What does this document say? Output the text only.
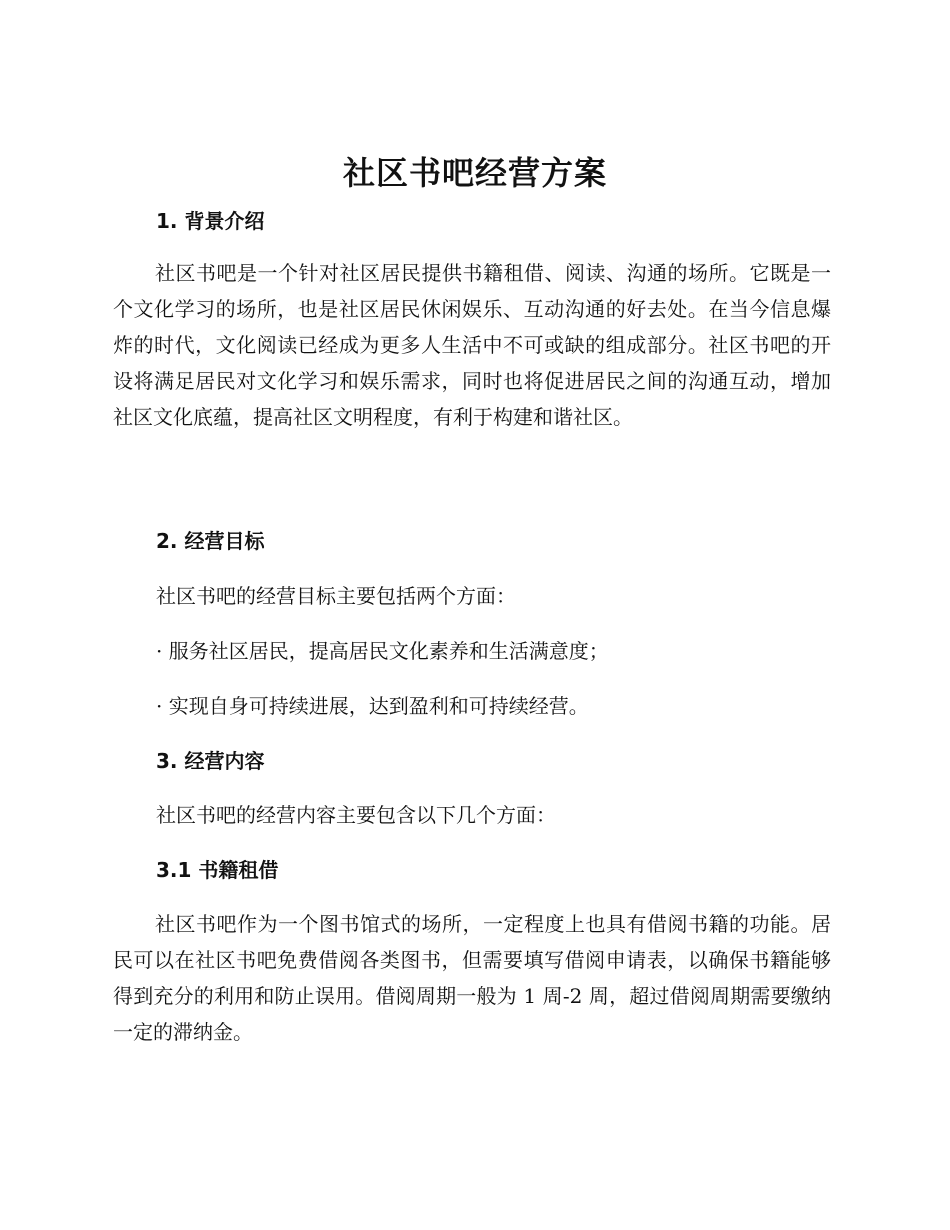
社区书吧经营方案
1. 背景介绍

社区书吧是一个针对社区居民提供书籍租借、阅读、沟通的场所。它既是一个文化学习的场所，也是社区居民休闲娱乐、互动沟通的好去处。在当今信息爆炸的时代，文化阅读已经成为更多人生活中不可或缺的组成部分。社区书吧的开设将满足居民对文化学习和娱乐需求，同时也将促进居民之间的沟通互动，增加社区文化底蕴，提高社区文明程度，有利于构建和谐社区。

2. 经营目标

社区书吧的经营目标主要包括两个方面：

· 服务社区居民，提高居民文化素养和生活满意度；

· 实现自身可持续进展，达到盈利和可持续经营。

3. 经营内容

社区书吧的经营内容主要包含以下几个方面：

3.1 书籍租借

社区书吧作为一个图书馆式的场所，一定程度上也具有借阅书籍的功能。居民可以在社区书吧免费借阅各类图书，但需要填写借阅申请表，以确保书籍能够得到充分的利用和防止误用。借阅周期一般为 1 周-2 周，超过借阅周期需要缴纳一定的滞纳金。
